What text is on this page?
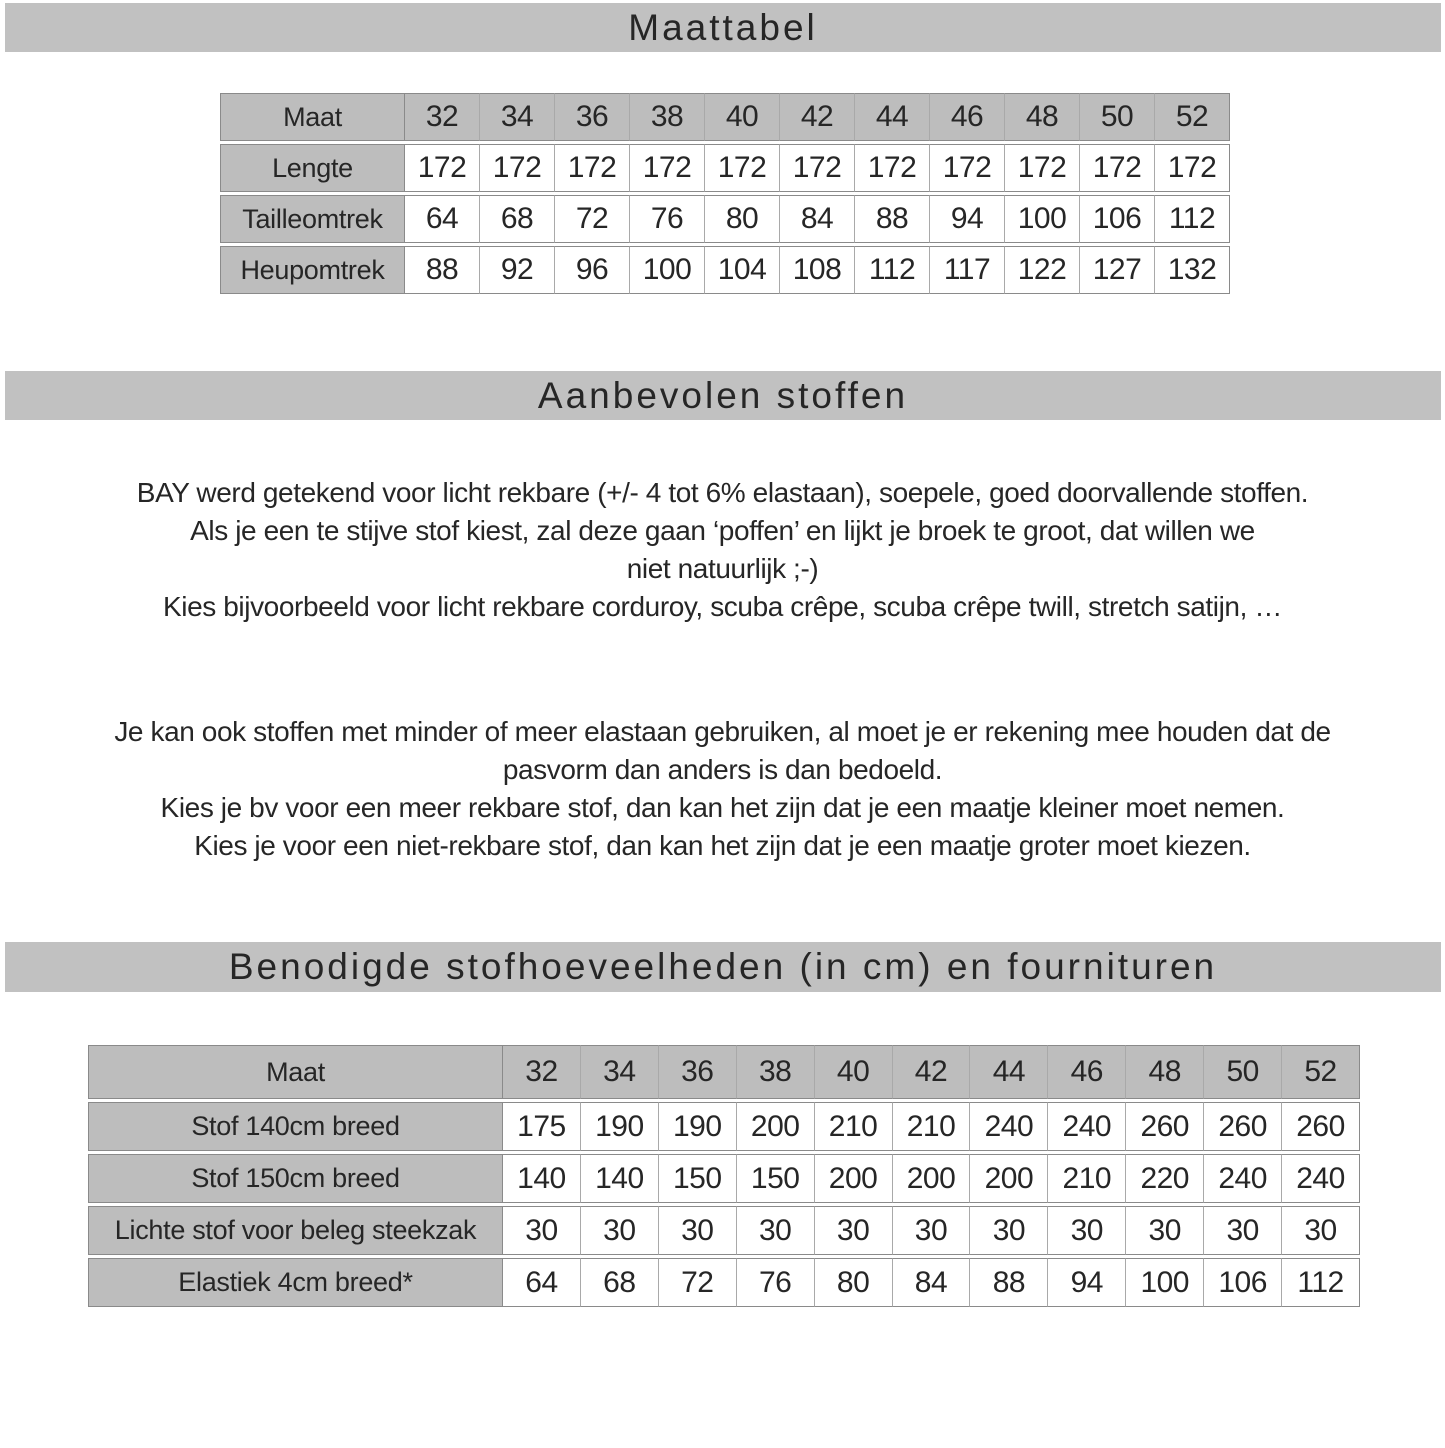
Maattabel
Maat	32	34	36	38	40	42	44	46	48	50	52
Lengte	172 172 172 172 172 172 172 172 172 172 172
Tailleomtrek	64	68	72	76	80	84	88	94	100 106 112
Heupomtrek	88	92	96	100 104 108 112 117 122 127 132
Aanbevolen stoffen
BAY werd getekend voor licht rekbare (+/- 4 tot 6% elastaan), soepele, goed doorvallende stoffen.
Als je een te stijve stof kiest, zal deze gaan ‘poffen’ en lijkt je broek te groot, dat willen we
niet natuurlijk ;-)
Kies bijvoorbeeld voor licht rekbare corduroy, scuba crêpe, scuba crêpe twill, stretch satijn, …
Je kan ook stoffen met minder of meer elastaan gebruiken, al moet je er rekening mee houden dat de
pasvorm dan anders is dan bedoeld.
Kies je bv voor een meer rekbare stof, dan kan het zijn dat je een maatje kleiner moet nemen.
Kies je voor een niet-rekbare stof, dan kan het zijn dat je een maatje groter moet kiezen.
Benodigde stofhoeveelheden (in cm) en fournituren
Maat	32	34	36	38	40	42	44	46	48	50	52
Stof 140cm breed	175 190 190 200 210 210 240 240 260 260 260
Stof 150cm breed	140 140 150 150 200 200 200 210 220 240 240
Lichte stof voor beleg steekzak	30	30	30	30	30	30	30	30	30	30	30
Elastiek 4cm breed*	64	68	72	76	80	84	88	94	100 106	112
